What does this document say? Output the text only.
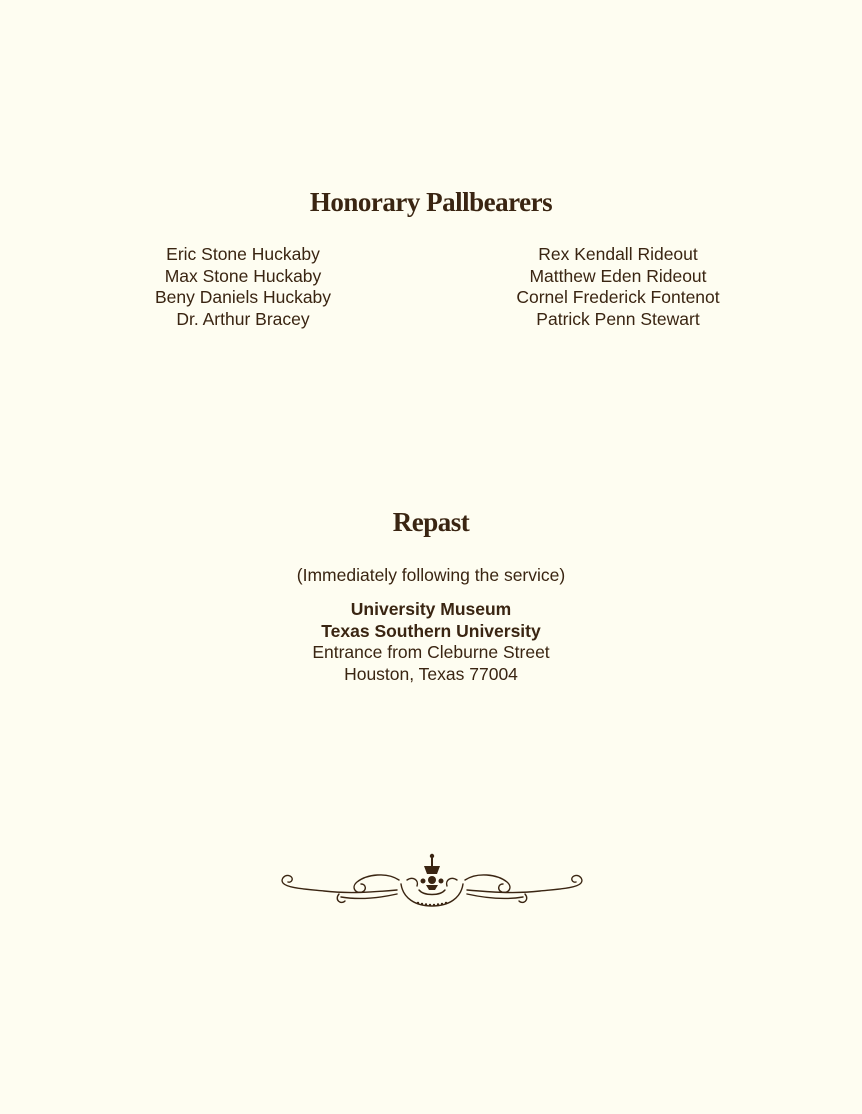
Honorary Pallbearers
Eric Stone Huckaby
Max Stone Huckaby
Beny Daniels Huckaby
Dr. Arthur Bracey
Rex Kendall Rideout
Matthew Eden Rideout
Cornel Frederick Fontenot
Patrick Penn Stewart
Repast
(Immediately following the service)
University Museum
Texas Southern University
Entrance from Cleburne Street
Houston, Texas 77004
